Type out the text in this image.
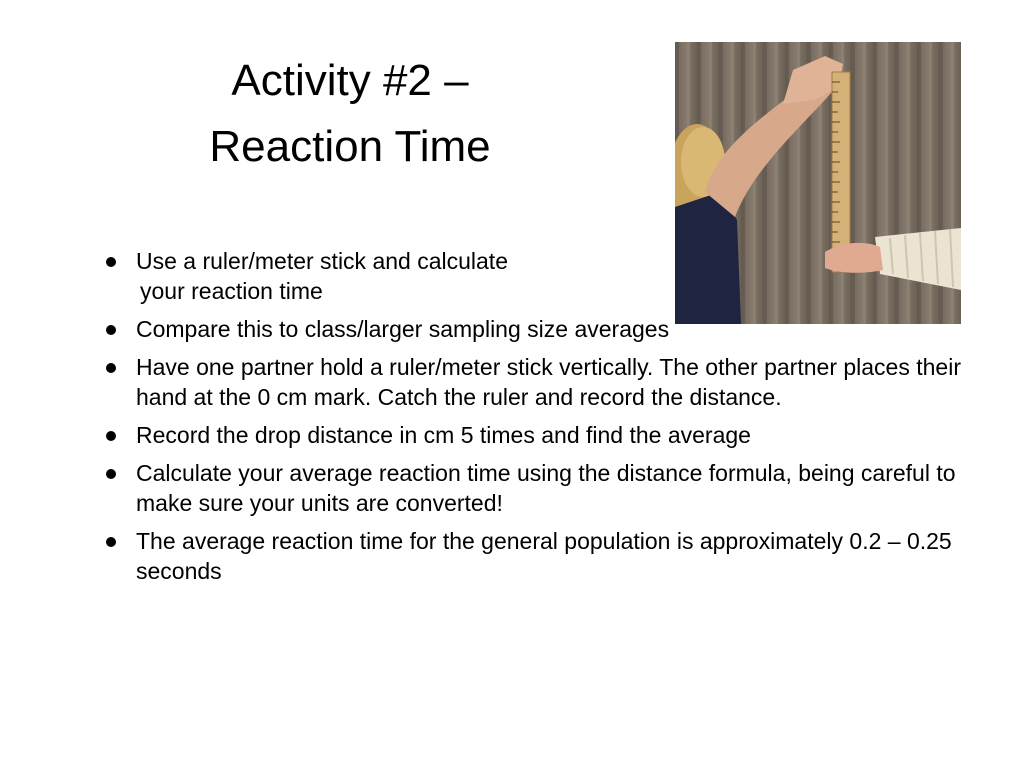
Activity #2 –
Reaction Time
Use a ruler/meter stick and calculate
your reaction time
Compare this to class/larger sampling size averages
Have one partner hold a ruler/meter stick vertically. The other partner places their hand at the 0 cm mark. Catch the ruler and record the distance.
Record the drop distance in cm 5 times and find the average
Calculate your average reaction time using the distance formula, being careful to make sure your units are converted!
The average reaction time for the general population is approximately 0.2 – 0.25 seconds
